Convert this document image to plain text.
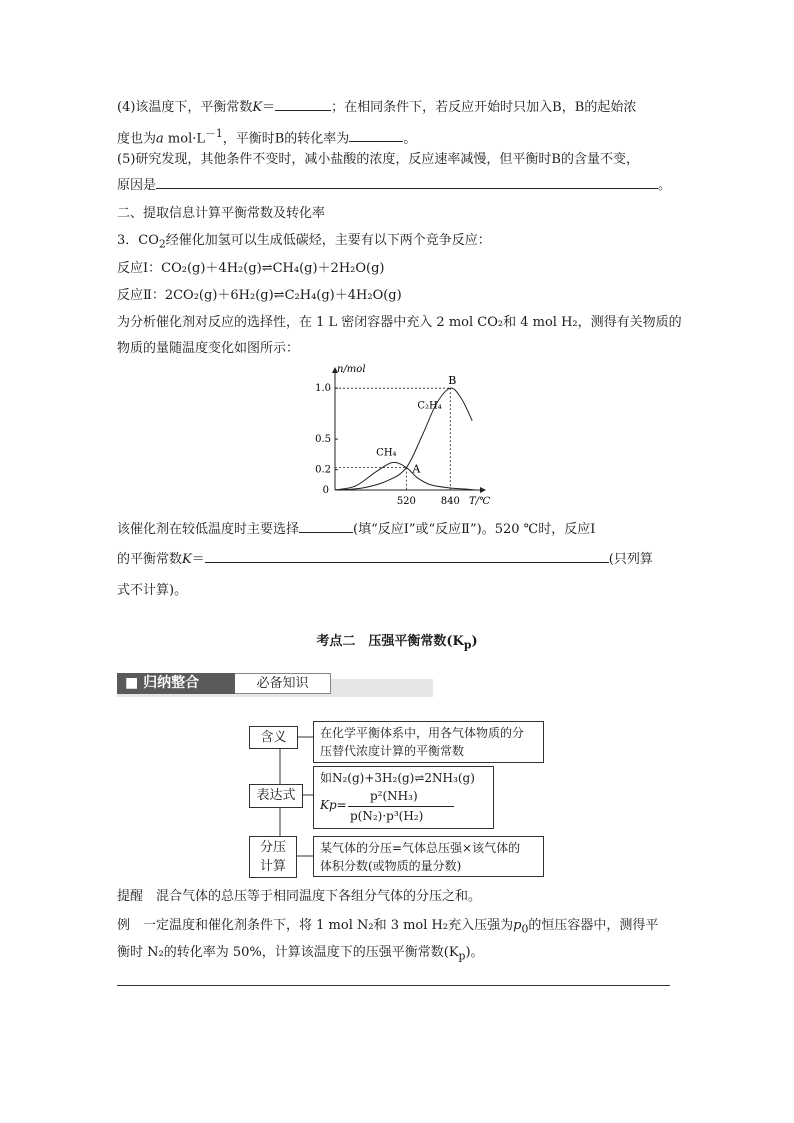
(4)该温度下，平衡常数K＝	；在相同条件下，若反应开始时只加入B，B的起始浓
度也为a $mol\cdot L^{-1}$，平衡时B的转化率为	。
(5)研究发现，其他条件不变时，减小盐酸的浓度，反应速率减慢，但平衡时B的含量不变，
原因是	。
二、提取信息计算平衡常数及转化率
3．$CO_2$经催化加氢可以生成低碳烃，主要有以下两个竞争反应：
反应Ⅰ：CO₂(g)＋4H₂(g)⇌CH₄(g)＋2H₂O(g)
反应Ⅱ：2CO₂(g)＋6H₂(g)⇌C₂H₄(g)＋4H₂O(g)
为分析催化剂对反应的选择性，在 1 L 密闭容器中充入 2 mol CO₂和 4 mol H₂，测得有关物质的
物质的量随温度变化如图所示：
n/mol
T/℃
1.0
0.5
0.2
0
520 840
A
B
CH₄
C₂H₄
该催化剂在较低温度时主要选择	(填“反应Ⅰ”或“反应Ⅱ”)。520 ℃时，反应Ⅰ
的平衡常数K＝	(只列算
式不计算)。
考点二　压强平衡常数$(K_p)$
■ 归纳整合	必备知识
含义	在化学平衡体系中，用各气体物质的分
压替代浓度计算的平衡常数
表达式
如N₂(g)+3H₂(g)⇌2NH₃(g)
Kp=
p²(NH₃)
p(N₂)·p³(H₂)
分压
计算
某气体的分压=气体总压强×该气体的
体积分数(或物质的量分数)
提醒　混合气体的总压等于相同温度下各组分气体的分压之和。
例　一定温度和催化剂条件下，将 1 mol N₂和 3 mol H₂充入压强为$p_0$的恒压容器中，测得平
衡时 N₂的转化率为 50%，计算该温度下的压强平衡常数$(K_p)$。
